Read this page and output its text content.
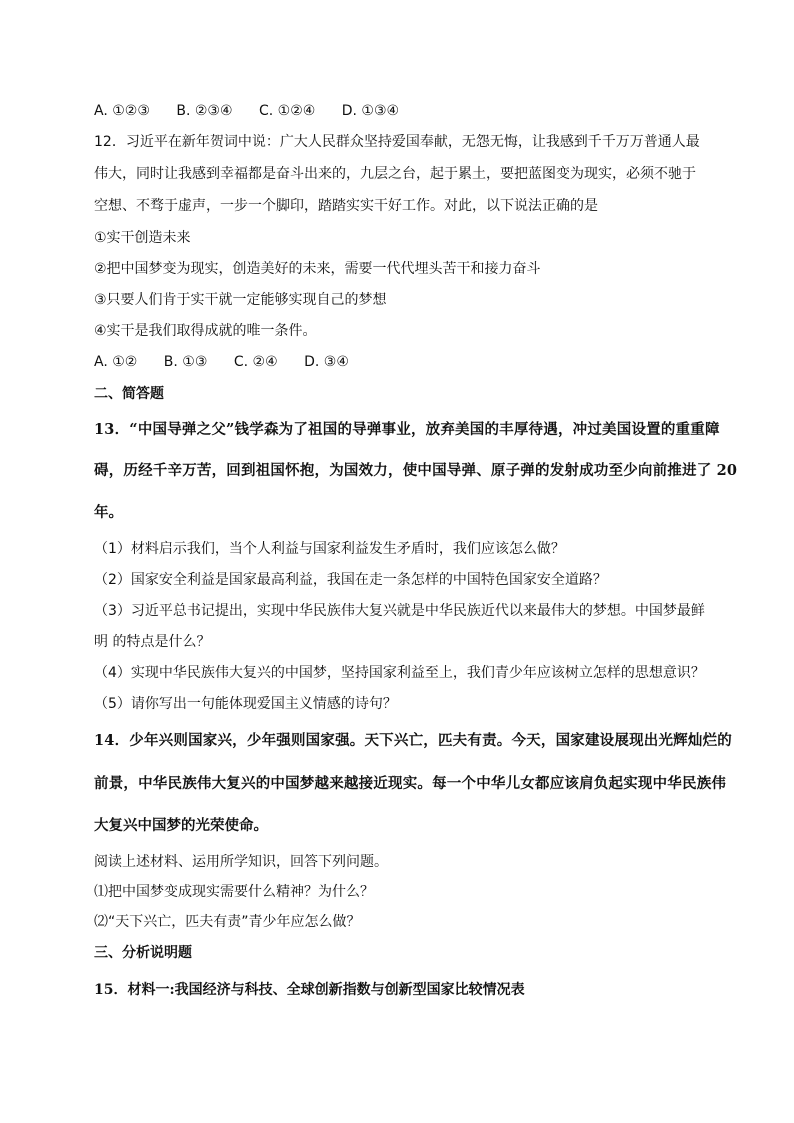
A. ①②③ B. ②③④ C. ①②④ D. ①③④
12．习近平在新年贺词中说：广大人民群众坚持爱国奉献，无怨无悔，让我感到千千万万普通人最
伟大，同时让我感到幸福都是奋斗出来的，九层之台，起于累土，要把蓝图变为现实，必须不驰于
空想、不骛于虚声，一步一个脚印，踏踏实实干好工作。对此，以下说法正确的是
①实干创造未来
②把中国梦变为现实，创造美好的未来，需要一代代埋头苦干和接力奋斗
③只要人们肯于实干就一定能够实现自己的梦想
④实干是我们取得成就的唯一条件。
A. ①② B. ①③ C. ②④ D. ③④
二、简答题
13．“中国导弹之父”钱学森为了祖国的导弹事业，放弃美国的丰厚待遇，冲过美国设置的重重障
碍，历经千辛万苦，回到祖国怀抱，为国效力，使中国导弹、原子弹的发射成功至少向前推进了 20
年。
（1）材料启示我们，当个人利益与国家利益发生矛盾时，我们应该怎么做？
（2）国家安全利益是国家最高利益，我国在走一条怎样的中国特色国家安全道路？
（3）习近平总书记提出，实现中华民族伟大复兴就是中华民族近代以来最伟大的梦想。中国梦最鲜
明 的特点是什么？
（4）实现中华民族伟大复兴的中国梦，坚持国家利益至上，我们青少年应该树立怎样的思想意识？
（5）请你写出一句能体现爱国主义情感的诗句？
14．少年兴则国家兴，少年强则国家强。天下兴亡，匹夫有责。今天，国家建设展现出光辉灿烂的
前景，中华民族伟大复兴的中国梦越来越接近现实。每一个中华儿女都应该肩负起实现中华民族伟
大复兴中国梦的光荣使命。
阅读上述材料、运用所学知识，回答下列问题。
⑴把中国梦变成现实需要什么精神？为什么？
⑵“天下兴亡，匹夫有责”青少年应怎么做？
三、分析说明题
15．材料一:我国经济与科技、全球创新指数与创新型国家比较情况表
